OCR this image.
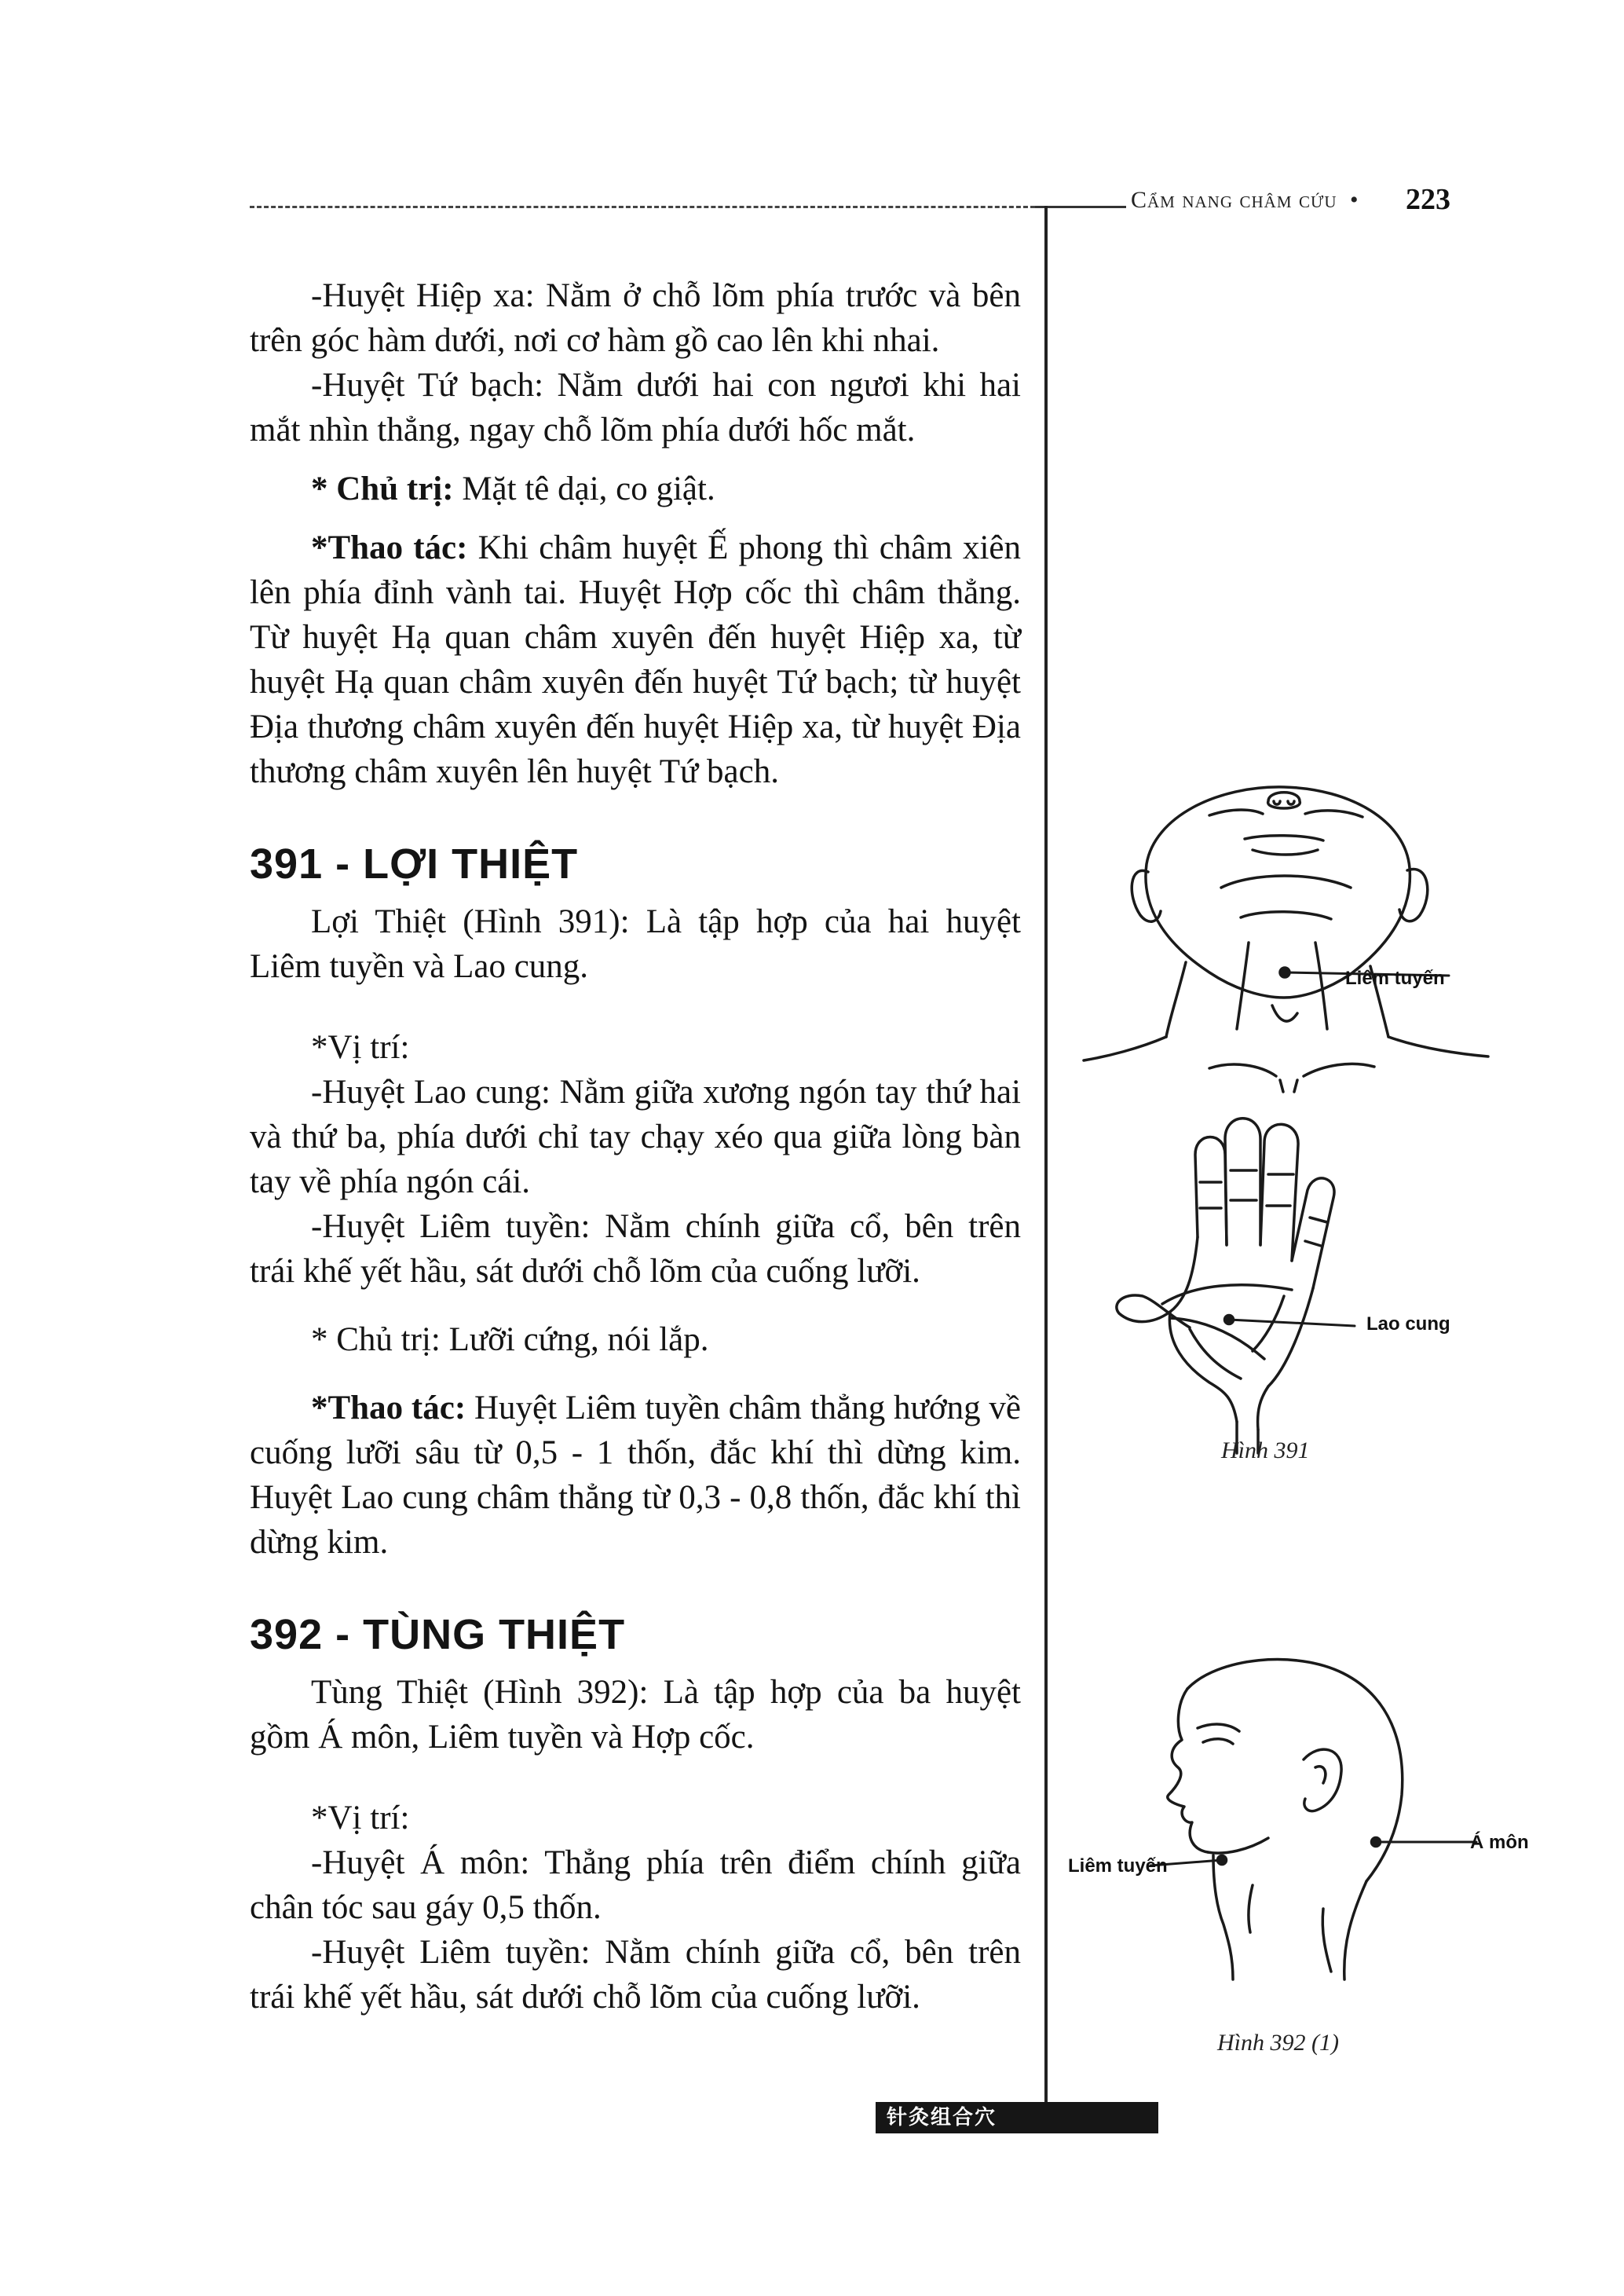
Cẩm nang châm cứu • 223

-Huyệt Hiệp xa: Nằm ở chỗ lõm phía trước và bên trên góc hàm dưới, nơi cơ hàm gồ cao lên khi nhai.

-Huyệt Tứ bạch: Nằm dưới hai con ngươi khi hai mắt nhìn thẳng, ngay chỗ lõm phía dưới hốc mắt.

* Chủ trị: Mặt tê dại, co giật.

*Thao tác: Khi châm huyệt Ế phong thì châm xiên lên phía đỉnh vành tai. Huyệt Hợp cốc thì châm thẳng. Từ huyệt Hạ quan châm xuyên đến huyệt Hiệp xa, từ huyệt Hạ quan châm xuyên đến huyệt Tứ bạch; từ huyệt Địa thương châm xuyên đến huyệt Hiệp xa, từ huyệt Địa thương châm xuyên lên huyệt Tứ bạch.

391 - LỢI THIỆT

Lợi Thiệt (Hình 391): Là tập hợp của hai huyệt Liêm tuyền và Lao cung.

*Vị trí:

-Huyệt Lao cung: Nằm giữa xương ngón tay thứ hai và thứ ba, phía dưới chỉ tay chạy xéo qua giữa lòng bàn tay về phía ngón cái.

-Huyệt Liêm tuyền: Nằm chính giữa cổ, bên trên trái khế yết hầu, sát dưới chỗ lõm của cuống lưỡi.

* Chủ trị: Lưỡi cứng, nói lắp.

*Thao tác: Huyệt Liêm tuyền châm thẳng hướng về cuống lưỡi sâu từ 0,5 - 1 thốn, đắc khí thì dừng kim. Huyệt Lao cung châm thẳng từ 0,3 - 0,8 thốn, đắc khí thì dừng kim.

392 - TÙNG THIỆT

Tùng Thiệt (Hình 392): Là tập hợp của ba huyệt gồm Á môn, Liêm tuyền và Hợp cốc.

*Vị trí:

-Huyệt Á môn: Thẳng phía trên điểm chính giữa chân tóc sau gáy 0,5 thốn.

-Huyệt Liêm tuyền: Nằm chính giữa cổ, bên trên trái khế yết hầu, sát dưới chỗ lõm của cuống lưỡi.

Liêm tuyến
Lao cung
Hình 391
Liêm tuyến
Á môn
Hình 392 (1)
针灸组合穴
